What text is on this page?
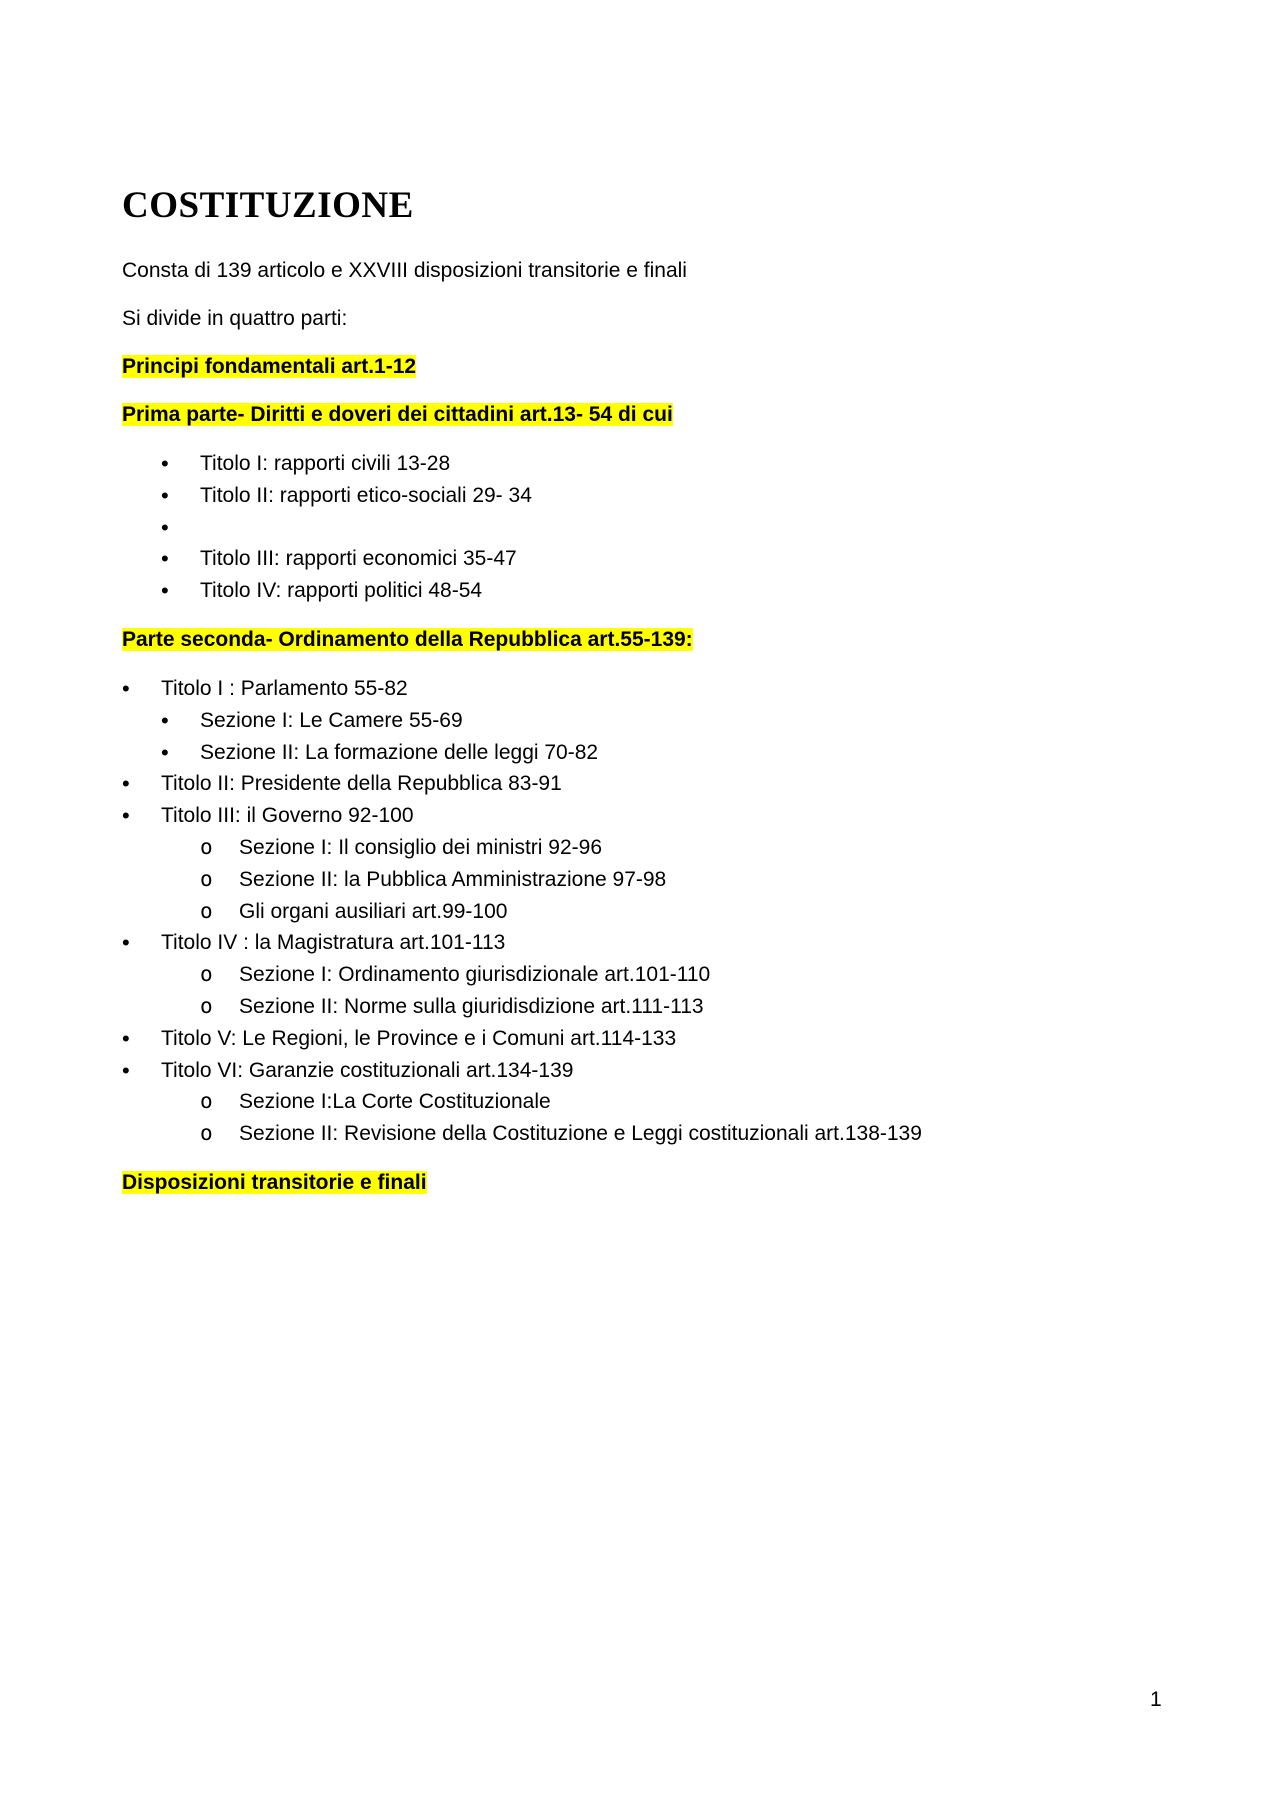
COSTITUZIONE

Consta di 139 articolo e XXVIII disposizioni transitorie e finali

Si divide in quattro parti:

Principi fondamentali art.1-12

Prima parte- Diritti e doveri dei cittadini art.13- 54 di cui

•
Titolo I: rapporti civili 13-28
•
Titolo II: rapporti etico-sociali 29- 34
•
•
Titolo III: rapporti economici 35-47
•
Titolo IV: rapporti politici 48-54

Parte seconda- Ordinamento della Repubblica art.55-139:

•
Titolo I : Parlamento 55-82
•
Sezione I: Le Camere 55-69
•
Sezione II: La formazione delle leggi 70-82
•
Titolo II: Presidente della Repubblica 83-91
•
Titolo III: il Governo 92-100
o
Sezione I: Il consiglio dei ministri 92-96
o
Sezione II: la Pubblica Amministrazione 97-98
o
Gli organi ausiliari art.99-100
•
Titolo IV : la Magistratura art.101-113
o
Sezione I: Ordinamento giurisdizionale art.101-110
o
Sezione II: Norme sulla giuridisdizione art.111-113
•
Titolo V: Le Regioni, le Province e i Comuni art.114-133
•
Titolo VI: Garanzie costituzionali art.134-139
o
Sezione I:La Corte Costituzionale
o
Sezione II: Revisione della Costituzione e Leggi costituzionali art.138-139

Disposizioni transitorie e finali

1
